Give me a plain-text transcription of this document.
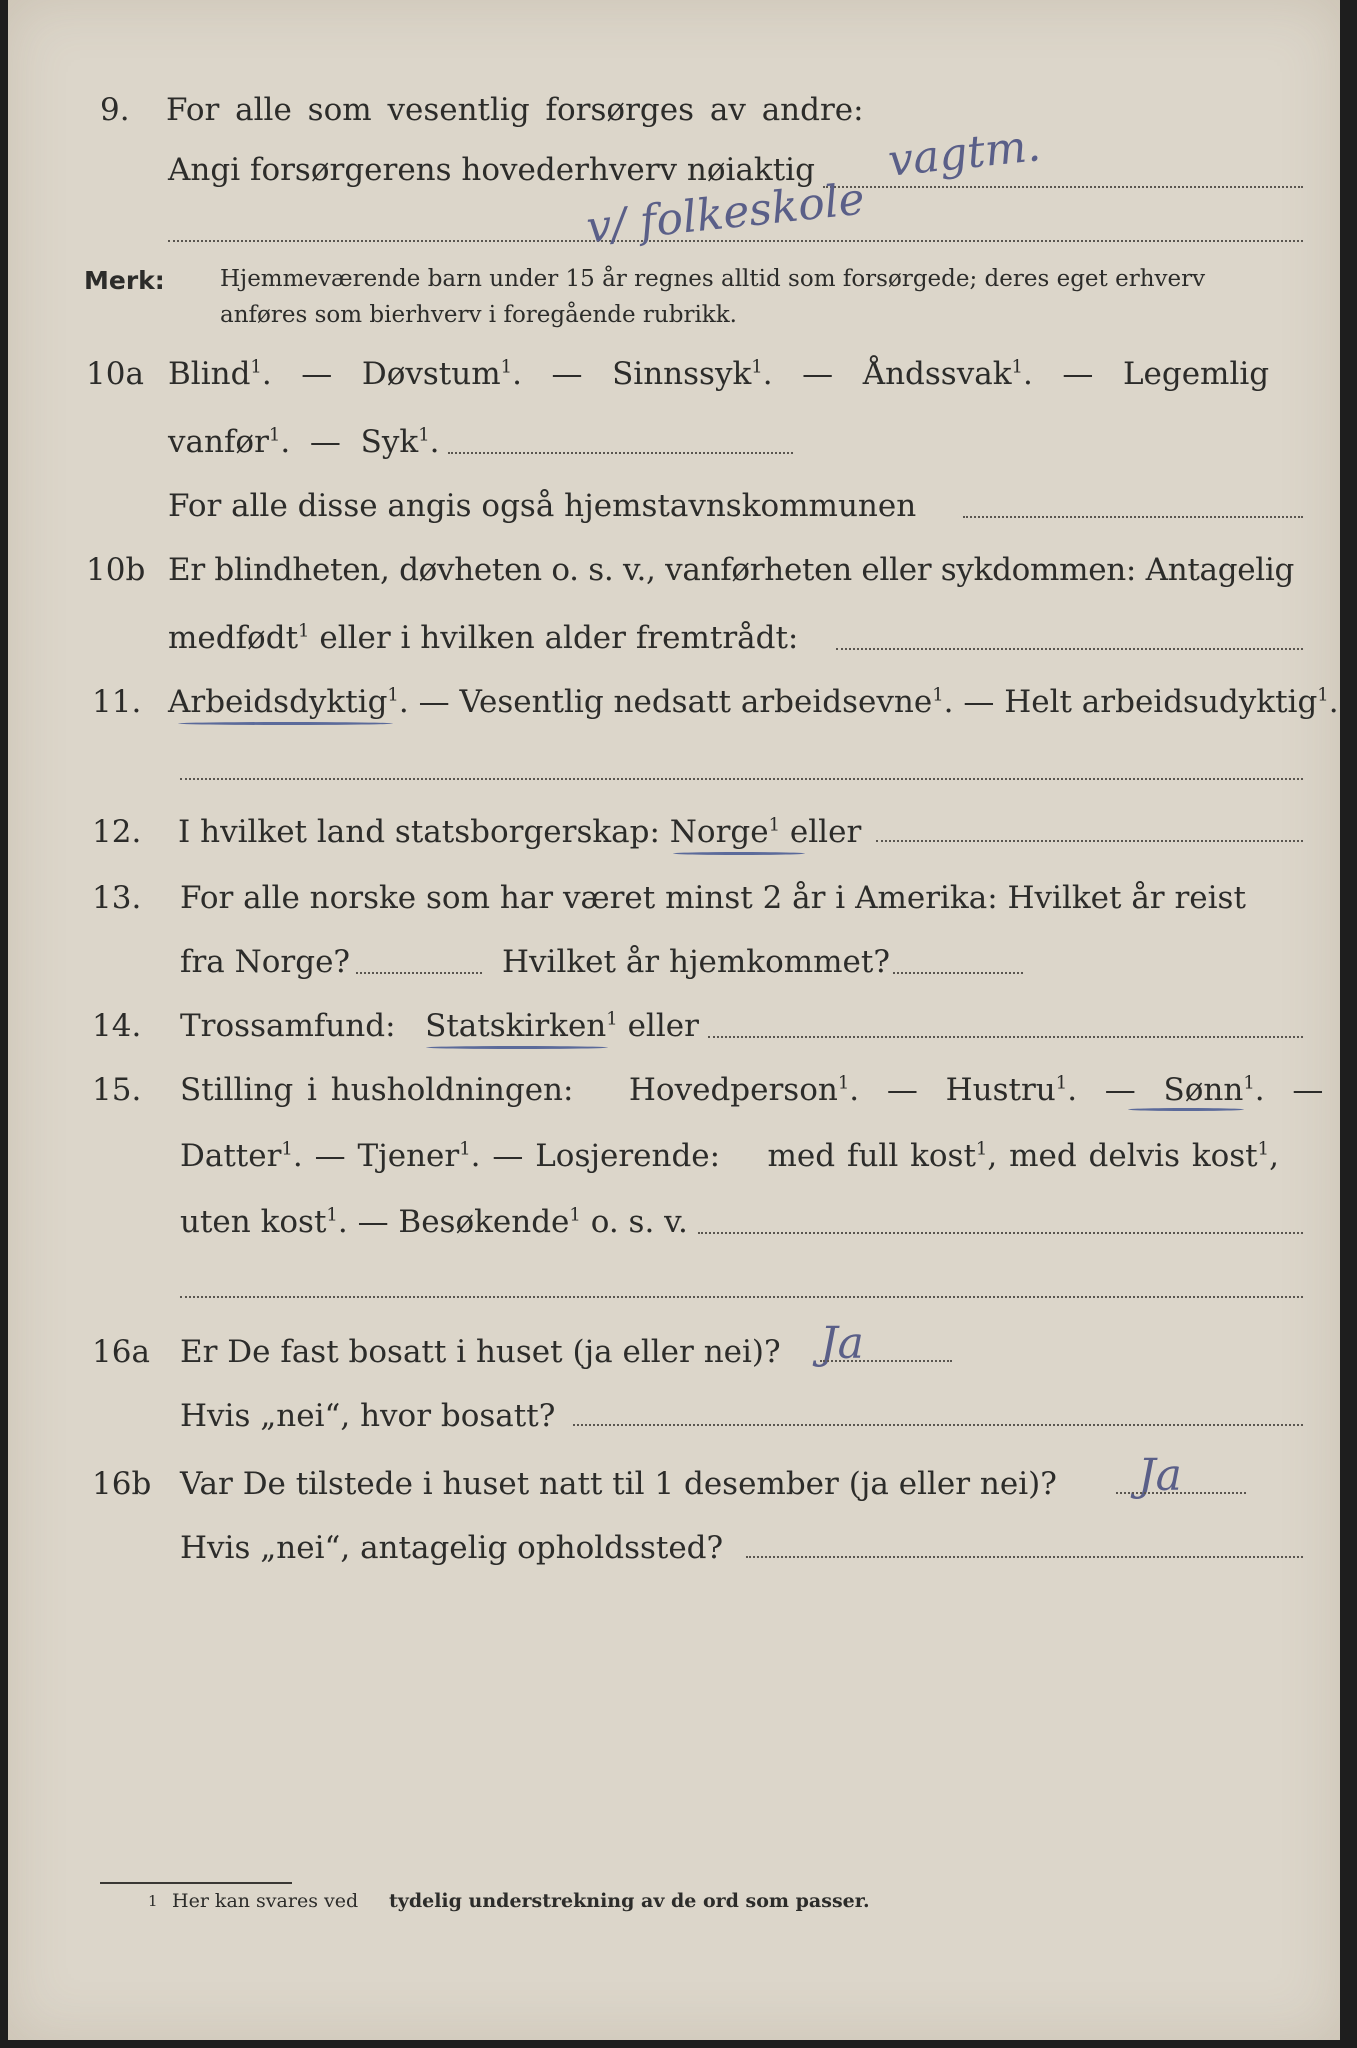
9. For alle som vesentlig forsørges av andre:
Angi forsørgerens hovederhverv nøiaktig vagtm.
v/ folkeskole
Merk: Hjemmeværende barn under 15 år regnes alltid som forsørgede; deres eget erhverv
anføres som bierhverv i foregående rubrikk.
10a Blind$^1$.   —   Døvstum$^1$.   —   Sinnssyk$^1$.   —   Åndssvak$^1$.   —   Legemlig
vanfør$^1$.  —  Syk$^1$.
For alle disse angis også hjemstavnskommunen
10b Er blindheten, døvheten o. s. v., vanførheten eller sykdommen: Antagelig
medfødt$^1$ eller i hvilken alder fremtrådt:
11. Arbeidsdyktig$^1$. — Vesentlig nedsatt arbeidsevne$^1$. — Helt arbeidsudyktig$^1$.
12. I hvilket land statsborgerskap: Norge$^1$ eller
13. For alle norske som har været minst 2 år i Amerika: Hvilket år reist
fra Norge?	Hvilket år hjemkommet?
14. Trossamfund: Statskirken$^1$ eller
15. Stilling i husholdningen: Hovedperson$^1$.  —  Hustru$^1$.  —  Sønn$^1$.  —
Datter$^1$. — Tjener$^1$. — Losjerende: med full kost$^1$, med delvis kost$^1$,
uten kost$^1$. — Besøkende$^1$ o. s. v.
16a Er De fast bosatt i huset (ja eller nei)? Ja
Hvis „nei“, hvor bosatt?
16b Var De tilstede i huset natt til 1 desember (ja eller nei)? Ja
Hvis „nei“, antagelig opholdssted?
1 Her kan svares ved tydelig understrekning av de ord som passer.
